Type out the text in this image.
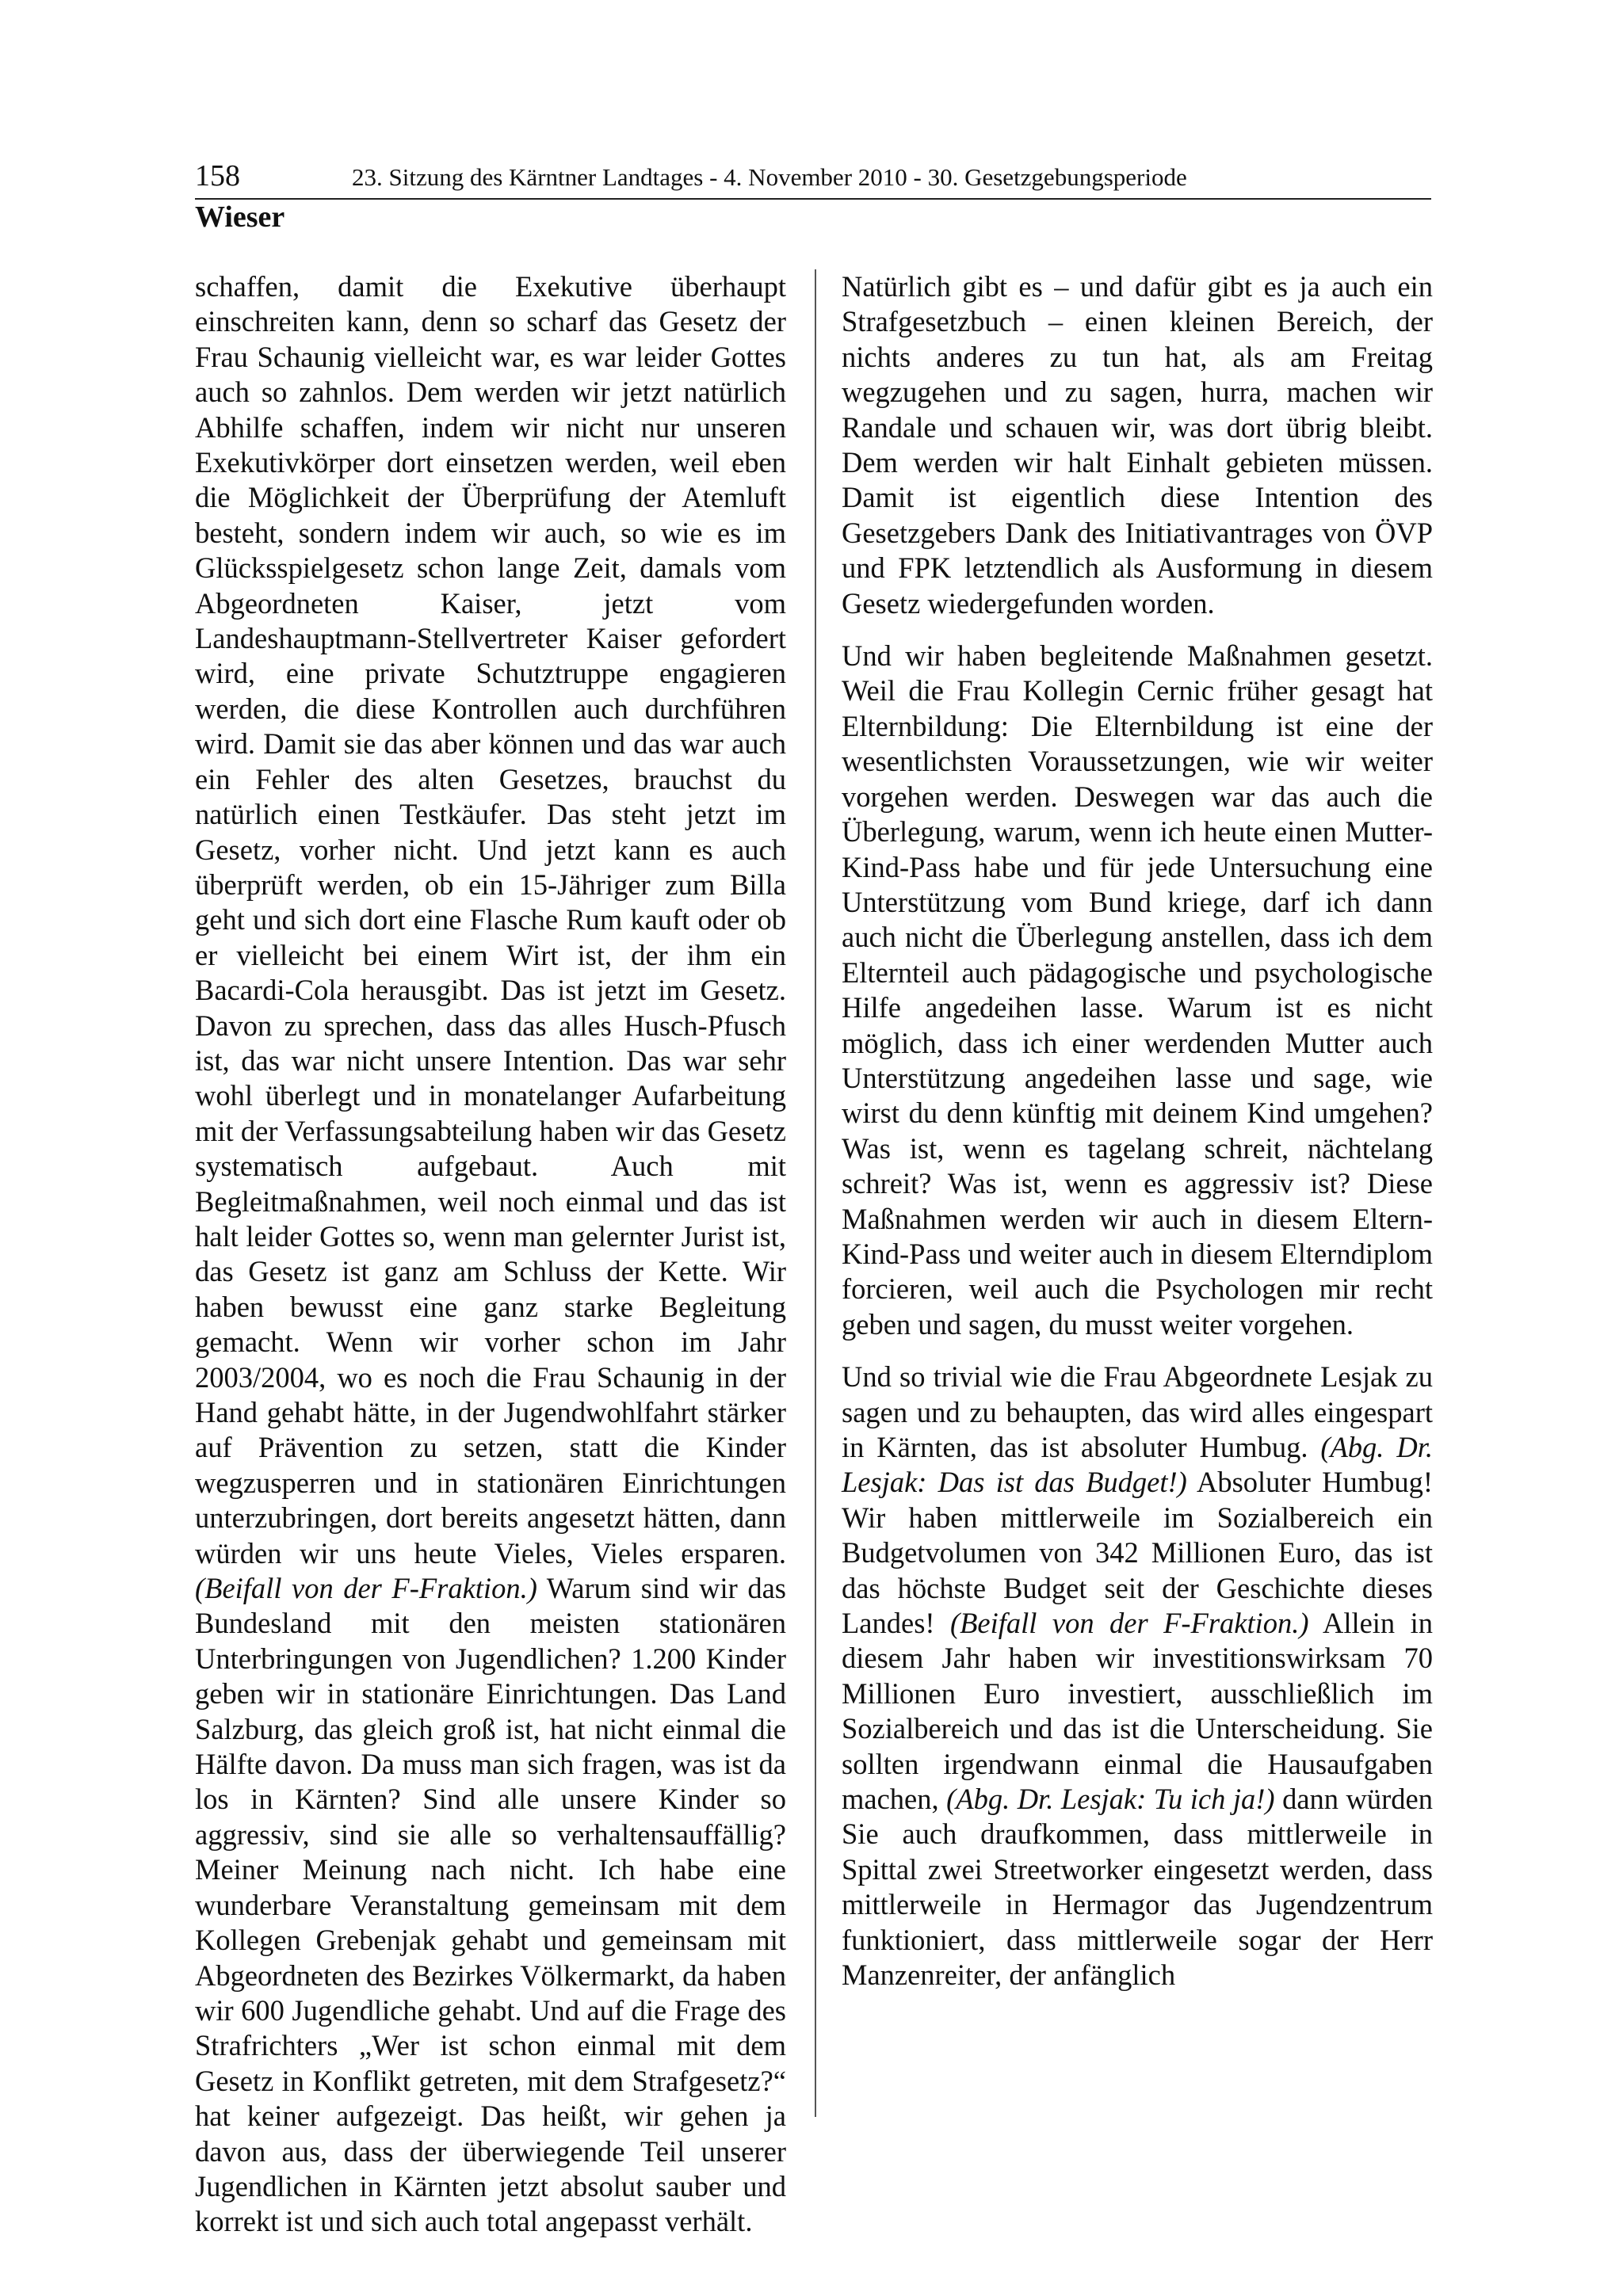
158	23. Sitzung des Kärntner Landtages - 4. November 2010 - 30. Gesetzgebungsperiode
Wieser

schaffen, damit die Exekutive überhaupt einschreiten kann, denn so scharf das Gesetz der Frau Schaunig vielleicht war, es war leider Gottes auch so zahnlos. Dem werden wir jetzt natürlich Abhilfe schaffen, indem wir nicht nur unseren Exekutivkörper dort einsetzen werden, weil eben die Möglichkeit der Überprüfung der Atemluft besteht, sondern indem wir auch, so wie es im Glücksspielgesetz schon lange Zeit, damals vom Abgeordneten Kaiser, jetzt vom Landeshauptmann-Stellvertreter Kaiser gefordert wird, eine private Schutztruppe engagieren werden, die diese Kontrollen auch durchführen wird. Damit sie das aber können und das war auch ein Fehler des alten Gesetzes, brauchst du natürlich einen Testkäufer. Das steht jetzt im Gesetz, vorher nicht. Und jetzt kann es auch überprüft werden, ob ein 15-Jähriger zum Billa geht und sich dort eine Flasche Rum kauft oder ob er vielleicht bei einem Wirt ist, der ihm ein Bacardi-Cola herausgibt. Das ist jetzt im Gesetz. Davon zu sprechen, dass das alles Husch-Pfusch ist, das war nicht unsere Intention. Das war sehr wohl überlegt und in monatelanger Aufarbeitung mit der Verfassungsabteilung haben wir das Gesetz systematisch aufgebaut. Auch mit Begleitmaßnahmen, weil noch einmal und das ist halt leider Gottes so, wenn man gelernter Jurist ist, das Gesetz ist ganz am Schluss der Kette. Wir haben bewusst eine ganz starke Begleitung gemacht. Wenn wir vorher schon im Jahr 2003/2004, wo es noch die Frau Schaunig in der Hand gehabt hätte, in der Jugendwohlfahrt stärker auf Prävention zu setzen, statt die Kinder wegzusperren und in stationären Einrichtungen unterzubringen, dort bereits angesetzt hätten, dann würden wir uns heute Vieles, Vieles ersparen. (Beifall von der F-Fraktion.) Warum sind wir das Bundesland mit den meisten stationären Unterbringungen von Jugendlichen? 1.200 Kinder geben wir in stationäre Einrichtungen. Das Land Salzburg, das gleich groß ist, hat nicht einmal die Hälfte davon. Da muss man sich fragen, was ist da los in Kärnten? Sind alle unsere Kinder so aggressiv, sind sie alle so verhaltensauffällig? Meiner Meinung nach nicht. Ich habe eine wunderbare Veranstaltung gemeinsam mit dem Kollegen Grebenjak gehabt und gemeinsam mit Abgeordneten des Bezirkes Völkermarkt, da haben wir 600 Jugendliche gehabt. Und auf die Frage des Strafrichters „Wer ist schon einmal mit dem Gesetz in Konflikt getreten, mit dem Strafgesetz?“ hat keiner aufgezeigt. Das heißt, wir gehen ja davon aus, dass der überwiegende Teil unserer Jugendlichen in Kärnten jetzt absolut sauber und korrekt ist und sich auch total angepasst verhält.

Natürlich gibt es – und dafür gibt es ja auch ein Strafgesetzbuch – einen kleinen Bereich, der nichts anderes zu tun hat, als am Freitag wegzugehen und zu sagen, hurra, machen wir Randale und schauen wir, was dort übrig bleibt. Dem werden wir halt Einhalt gebieten müssen. Damit ist eigentlich diese Intention des Gesetzgebers Dank des Initiativantrages von ÖVP und FPK letztendlich als Ausformung in diesem Gesetz wiedergefunden worden.

Und wir haben begleitende Maßnahmen gesetzt. Weil die Frau Kollegin Cernic früher gesagt hat Elternbildung: Die Elternbildung ist eine der wesentlichsten Voraussetzungen, wie wir weiter vorgehen werden. Deswegen war das auch die Überlegung, warum, wenn ich heute einen Mutter-Kind-Pass habe und für jede Untersuchung eine Unterstützung vom Bund kriege, darf ich dann auch nicht die Überlegung anstellen, dass ich dem Elternteil auch pädagogische und psychologische Hilfe angedeihen lasse. Warum ist es nicht möglich, dass ich einer werdenden Mutter auch Unterstützung angedeihen lasse und sage, wie wirst du denn künftig mit deinem Kind umgehen? Was ist, wenn es tagelang schreit, nächtelang schreit? Was ist, wenn es aggressiv ist? Diese Maßnahmen werden wir auch in diesem Eltern-Kind-Pass und weiter auch in diesem Elterndiplom forcieren, weil auch die Psychologen mir recht geben und sagen, du musst weiter vorgehen.

Und so trivial wie die Frau Abgeordnete Lesjak zu sagen und zu behaupten, das wird alles eingespart in Kärnten, das ist absoluter Humbug. (Abg. Dr. Lesjak: Das ist das Budget!) Absoluter Humbug! Wir haben mittlerweile im Sozialbereich ein Budgetvolumen von 342 Millionen Euro, das ist das höchste Budget seit der Geschichte dieses Landes! (Beifall von der F-Fraktion.) Allein in diesem Jahr haben wir investitionswirksam 70 Millionen Euro investiert, ausschließlich im Sozialbereich und das ist die Unterscheidung. Sie sollten irgendwann einmal die Hausaufgaben machen, (Abg. Dr. Lesjak: Tu ich ja!) dann würden Sie auch draufkommen, dass mittlerweile in Spittal zwei Streetworker eingesetzt werden, dass mittlerweile in Hermagor das Jugendzentrum funktioniert, dass mittlerweile sogar der Herr Manzenreiter, der anfänglich
